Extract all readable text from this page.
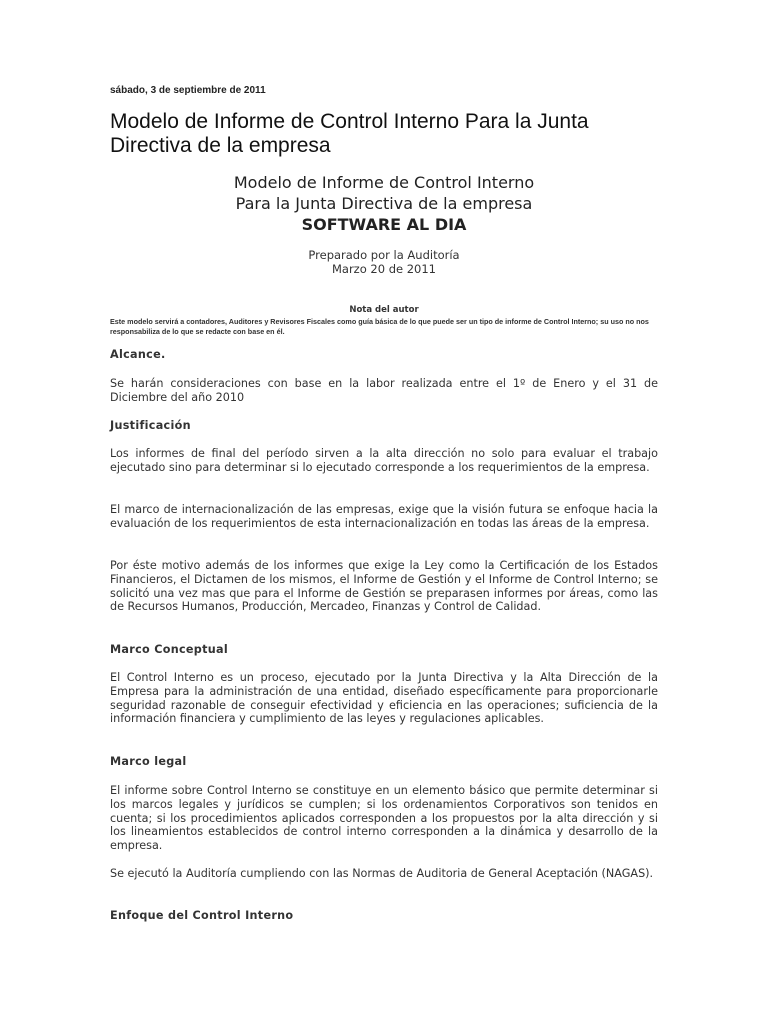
sábado, 3 de septiembre de 2011
Modelo de Informe de Control Interno Para la Junta Directiva de la empresa
Modelo de Informe de Control Interno
Para la Junta Directiva de la empresa
SOFTWARE AL DIA
Preparado por la Auditoría
Marzo 20 de 2011
Nota del autor
Este modelo servirá a contadores, Auditores y Revisores Fiscales como guía básica de lo que puede ser un tipo de informe de Control Interno; su uso no nos responsabiliza de lo que se redacte con base en él.
Alcance.

Se harán consideraciones con base en la labor realizada entre el 1º de Enero y el 31 de Diciembre del año 2010

Justificación

Los informes de final del período sirven a la alta dirección no solo para evaluar el trabajo ejecutado sino para determinar si lo ejecutado corresponde a los requerimientos de la empresa.

El marco de internacionalización de las empresas, exige que la visión futura se enfoque hacia la evaluación de los requerimientos de esta internacionalización en todas las áreas de la empresa.

Por éste motivo además de los informes que exige la Ley como la Certificación de los Estados Financieros, el Dictamen de los mismos, el Informe de Gestión y el Informe de Control Interno; se solicitó una vez mas que para el Informe de Gestión se preparasen informes por áreas, como las de Recursos Humanos, Producción, Mercadeo, Finanzas y Control de Calidad.

Marco Conceptual

El Control Interno es un proceso, ejecutado por la Junta Directiva y la Alta Dirección de la Empresa para la administración de una entidad, diseñado específicamente para proporcionarle seguridad razonable de conseguir efectividad y eficiencia en las operaciones; suficiencia de la información financiera y cumplimiento de las leyes y regulaciones aplicables.

Marco legal

El informe sobre Control Interno se constituye en un elemento básico que permite determinar si los marcos legales y jurídicos se cumplen; si los ordenamientos Corporativos son tenidos en cuenta; si los procedimientos aplicados corresponden a los propuestos por la alta dirección y si los lineamientos establecidos de control interno corresponden a la dinámica y desarrollo de la empresa.

Se ejecutó la Auditoría cumpliendo con las Normas de Auditoria de General Aceptación (NAGAS).

Enfoque del Control Interno
